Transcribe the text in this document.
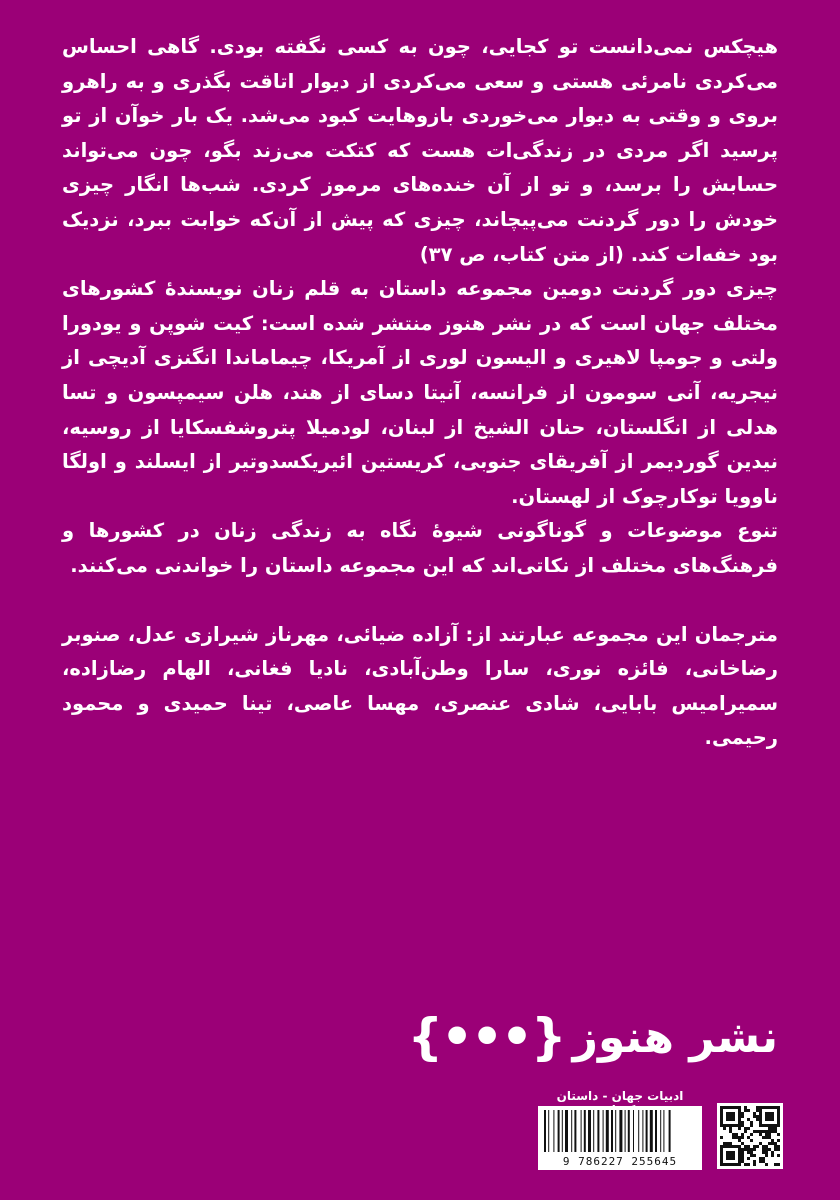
هیچکس نمی‌دانست تو کجایی، چون به کسی نگفته بودی. گاهی احساس می‌کردی نامرئی هستی و سعی می‌کردی از دیوار اتاقت بگذری و به راهرو بروی و وقتی به دیوار می‌خوردی بازوهایت کبود می‌شد. یک بار خوآن از تو پرسید اگر مردی در زندگی‌ات هست که کتکت می‌زند بگو، چون می‌تواند حسابش را برسد، و تو از آن خنده‌های مرموز کردی. شب‌ها انگار چیزی خودش را دور گردنت می‌پیچاند، چیزی که پیش از آن‌که خوابت ببرد، نزدیک بود خفه‌ات کند. (از متن کتاب، ص ۳۷)

چیزی دور گردنت دومین مجموعه داستان به قلم زنان نویسندهٔ کشورهای مختلف جهان است که در نشر هنوز منتشر شده است: کیت شوپن و یودورا ولتی و جومپا لاهیری و الیسون لوری از آمریکا، چیماماندا انگنزی آدیچی از نیجریه، آنی سومون از فرانسه، آنیتا دسای از هند، هلن سیمپسون و تسا هدلی از انگلستان، حنان الشیخ از لبنان، لودمیلا پتروشفسکایا از روسیه، نیدین گوردیمر از آفریقای جنوبی، کریستین ائیریکسدوتیر از ایسلند و اولگا ناوویا توکارچوک از لهستان.

تنوع موضوعات و گوناگونی شیوهٔ نگاه به زندگی زنان در کشورها و فرهنگ‌های مختلف از نکاتی‌اند که این مجموعه داستان را خواندنی می‌کنند.

مترجمان این مجموعه عبارتند از: آزاده ضیائی، مهرناز شیرازی عدل، صنوبر رضاخانی، فائزه نوری، سارا وطن‌آبادی، نادیا فغانی، الهام رضازاده، سمیرامیس بابایی، شادی عنصری، مهسا عاصی، تینا حمیدی و محمود رحیمی.

{•••} نشر هنوز
ادبیات جهان - داستان
9 786227 255645
